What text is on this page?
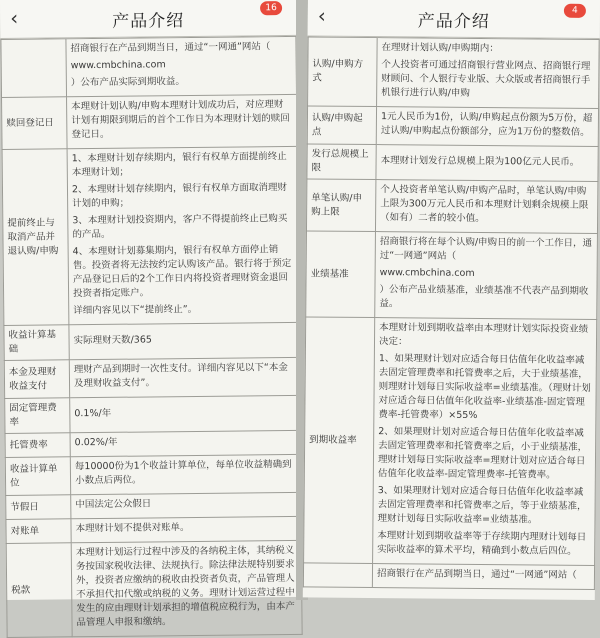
‹	产品介绍
16

	招商银行在产品到期当日，通过“一网通”网站（
www.cmbchina.com
）公布产品实际到期收益。

赎回登记日	本理财计划认购/申购本理财计划成功后，对应理财计划有期限到期后的首个工作日为本理财计划的赎回登记日。

提前终止与取消产品并退认购/申购	1、本理财计划存续期内，银行有权单方面提前终止本理财计划；
2、本理财计划存续期内，银行有权单方面取消理财计划的申购；
3、本理财计划投资期内，客户不得提前终止已购买的产品。
4、本理财计划募集期内，银行有权单方面停止销售。投资者将无法按约定认购该产品。银行将于预定产品登记日后的2个工作日内将投资者理财资金退回投资者指定账户。
详细内容见以下“提前终止”。

收益计算基础	实际理财天数/365

本金及理财收益支付	理财产品到期时一次性支付。详细内容见以下“本金及理财收益支付”。

固定管理费率	0.1%/年

托管费率	0.02%/年

收益计算单位	每10000份为1个收益计算单位，每单位收益精确到小数点后两位。

节假日	中国法定公众假日

对账单	本理财计划不提供对账单。

税款	本理财计划运行过程中涉及的各纳税主体，其纳税义务按国家税收法律、法规执行。除法律法规特别要求外，投资者应缴纳的税收由投资者负责，产品管理人不承担代扣代缴或纳税的义务。理财计划运营过程中发生的应由理财计划承担的增值税应税行为，由本产品管理人申报和缴纳。
‹	产品介绍
4
认购/申购方式	在理财计划认购/申购期内：
个人投资者可通过招商银行营业网点、招商银行理财顾问、个人银行专业版、大众版或者招商银行手机银行进行认购/申购

认购/申购起点	1元人民币为1份，认购/申购起点份额为5万份，超过认购/申购起点份额部分，应为1万份的整数倍。

发行总规模上限	本理财计划发行总规模上限为100亿元人民币。

单笔认购/申购上限	个人投资者单笔认购/申购产品时，单笔认购/申购上限为300万元人民币和本理财计划剩余规模上限（如有）二者的较小值。

业绩基准	招商银行将在每个认购/申购日的前一个工作日，通过“一网通”网站（
www.cmbchina.com
）公布产品业绩基准，业绩基准不代表产品到期收益。

到期收益率	本理财计划到期收益率由本理财计划实际投资业绩决定：
1、如果理财计划对应适合每日估值年化收益率减去固定管理费率和托管费率之后，大于业绩基准，则理财计划每日实际收益率=业绩基准。（理财计划对应适合每日估值年化收益率-业绩基准-固定管理费率-托管费率）×55%
2、如果理财计划对应适合每日估值年化收益率减去固定管理费率和托管费率之后，小于业绩基准，理财计划每日实际收益率=理财计划对应适合每日估值年化收益率-固定管理费率-托管费率。
3、如果理财计划对应适合每日估值年化收益率减去固定管理费率和托管费率之后，等于业绩基准，理财计划每日实际收益率=业绩基准。
本理财计划到期收益率等于存续期内理财计划每日实际收益率的算术平均，精确到小数点后四位。

	招商银行在产品到期当日，通过“一网通”网站（
